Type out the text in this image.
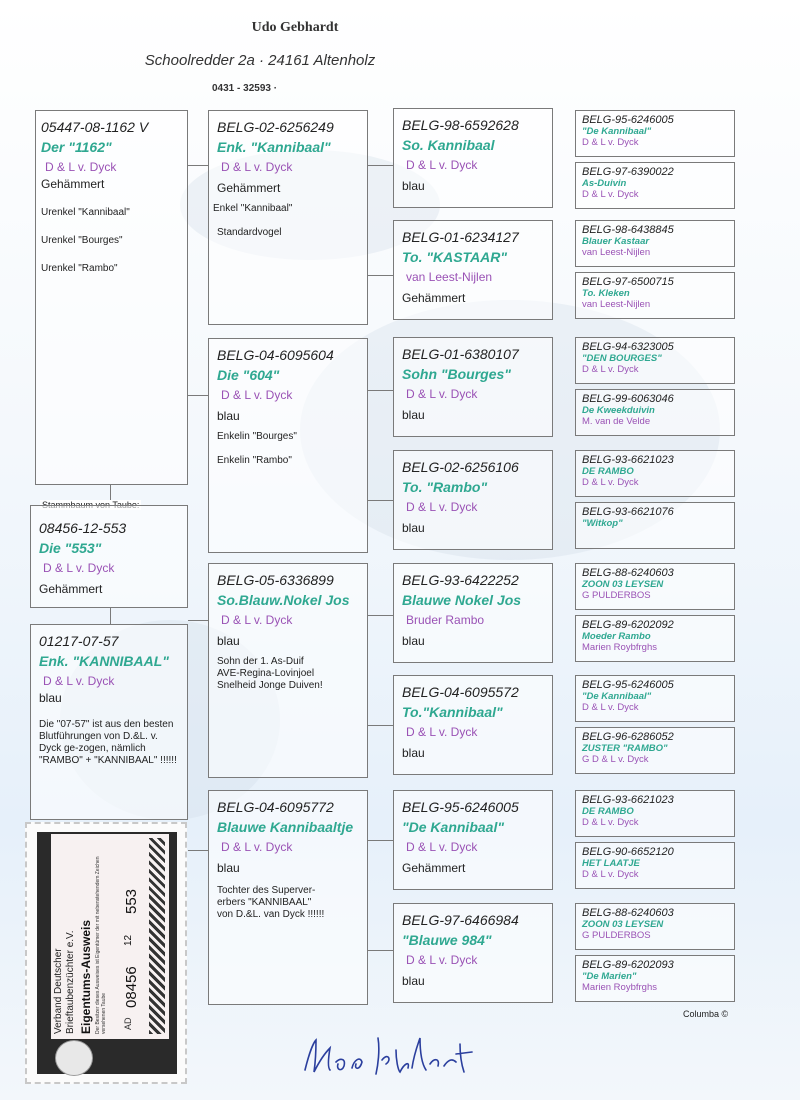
Udo Gebhardt
Schoolredder 2a · 24161 Altenholz
0431 - 32593 ·
05447-08-1162 V
Der "1162"
D & L v. Dyck
Gehämmert
Urenkel "Kannibaal"
Urenkel "Bourges"
Urenkel "Rambo"
08456-12-553
Die "553"
D & L v. Dyck
Gehämmert
01217-07-57
Enk. "KANNIBAAL"
D & L v. Dyck
blau
Die "07-57" ist aus den besten Blutführungen von D.&L. v. Dyck ge-zogen, nämlich "RAMBO" + "KANNIBAAL" !!!!!!
BELG-02-6256249
Enk. "Kannibaal"
D & L v. Dyck
Gehämmert
Enkel "Kannibaal"
Standardvogel
BELG-04-6095604
Die "604"
D & L v. Dyck
blau
Enkelin "Bourges"
Enkelin "Rambo"
BELG-05-6336899
So.Blauw.Nokel Jos
D & L v. Dyck
blau
Sohn der 1. As-Duif
AVE-Regina-Lovinjoel
Snelheid Jonge Duiven!
BELG-04-6095772
Blauwe Kannibaaltje
D & L v. Dyck
blau
Tochter des Superver-
erbers "KANNIBAAL"
von D.&L. van Dyck !!!!!!
BELG-98-6592628
So. Kannibaal
D & L v. Dyck
blau
BELG-01-6234127
To. "KASTAAR"
van Leest-Nijlen
Gehämmert
BELG-01-6380107
Sohn "Bourges"
D & L v. Dyck
blau
BELG-02-6256106
To. "Rambo"
D & L v. Dyck
blau
BELG-93-6422252
Blauwe Nokel Jos
Bruder Rambo
blau
BELG-04-6095572
To."Kannibaal"
D & L v. Dyck
blau
BELG-95-6246005
"De Kannibaal"
D & L v. Dyck
Gehämmert
BELG-97-6466984
"Blauwe 984"
D & L v. Dyck
blau
BELG-95-6246005
"De Kannibaal"
D & L v. Dyck
BELG-97-6390022
As-Duivin
D & L v. Dyck
BELG-98-6438845
Blauer Kastaar
van Leest-Nijlen
BELG-97-6500715
To. Kleken
van Leest-Nijlen
BELG-94-6323005
"DEN BOURGES"
D & L v. Dyck
BELG-99-6063046
De Kweekduivin
M. van de Velde
BELG-93-6621023
DE RAMBO
D & L v. Dyck
BELG-93-6621076
"Witkop"
BELG-88-6240603
ZOON 03 LEYSEN
G PULDERBOS
BELG-89-6202092
Moeder Rambo
Marien Roybfrghs
BELG-95-6246005
"De Kannibaal"
D & L v. Dyck
BELG-96-6286052
ZUSTER "RAMBO"
G D & L v. Dyck
BELG-93-6621023
DE RAMBO
D & L v. Dyck
BELG-90-6652120
HET LAATJE
D & L v. Dyck
BELG-88-6240603
ZOON 03 LEYSEN
G PULDERBOS
BELG-89-6202093
"De Marien"
Marien Roybfrghs
Columba ©
Verband Deutscher Brieftaubenzüchter e.V. Eigentums-Ausweis Der Besitzer dieses Ausweises ist Eigentümer der mit nebenstehendem Zeichen versehenen Taube AD
08456
12
553
